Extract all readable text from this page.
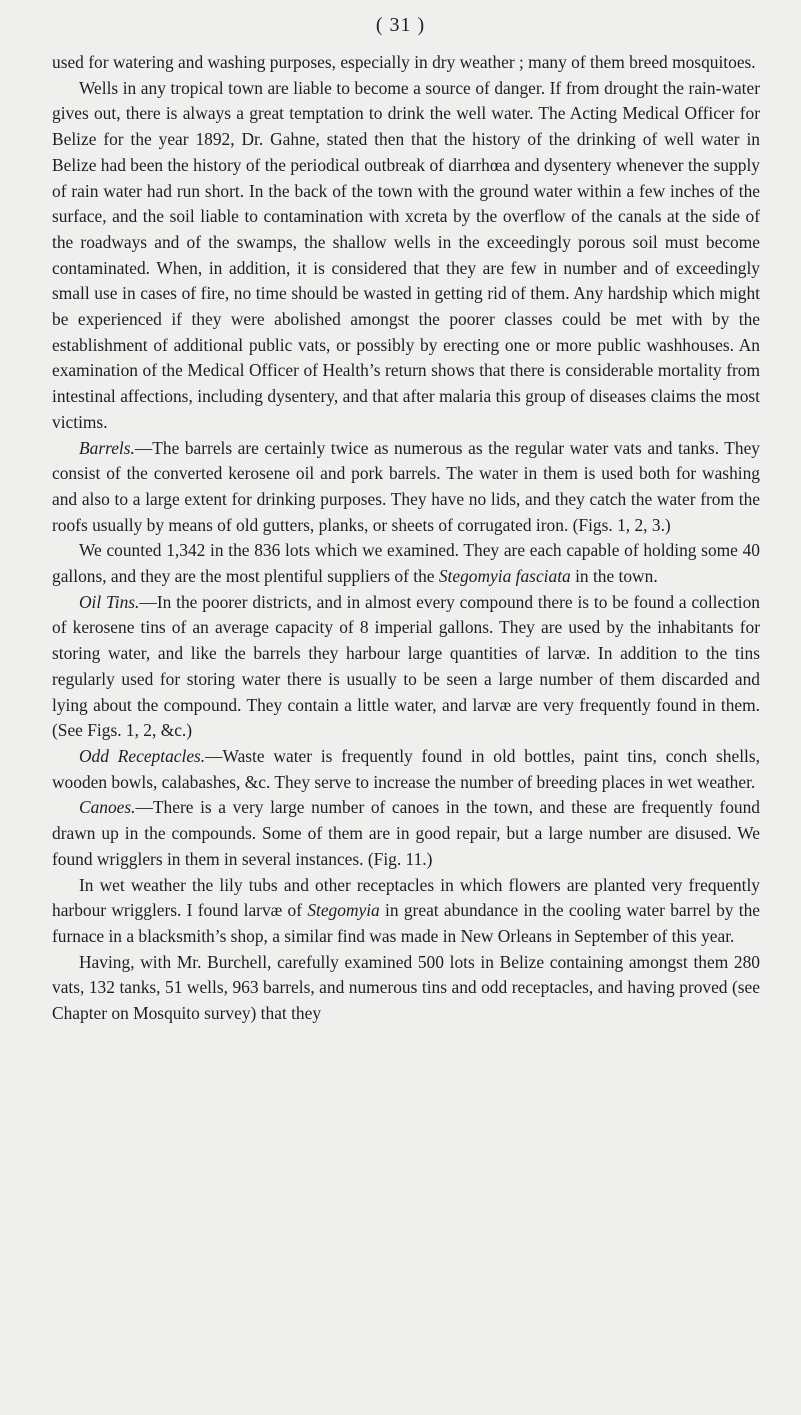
( 31 )

used for watering and washing purposes, especially in dry weather ; many of them breed mosquitoes.

Wells in any tropical town are liable to become a source of danger. If from drought the rain-water gives out, there is always a great temptation to drink the well water. The Acting Medical Officer for Belize for the year 1892, Dr. Gahne, stated then that the history of the drinking of well water in Belize had been the history of the periodical outbreak of diarrhœa and dysentery whenever the supply of rain water had run short. In the back of the town with the ground water within a few inches of the surface, and the soil liable to contamination with xcreta by the overflow of the canals at the side of the roadways and of the swamps, the shallow wells in the exceedingly porous soil must become contaminated. When, in addition, it is considered that they are few in number and of exceedingly small use in cases of fire, no time should be wasted in getting rid of them. Any hardship which might be experienced if they were abolished amongst the poorer classes could be met with by the establishment of additional public vats, or possibly by erecting one or more public washhouses. An examination of the Medical Officer of Health’s return shows that there is considerable mortality from intestinal affections, including dysentery, and that after malaria this group of diseases claims the most victims.

Barrels.—The barrels are certainly twice as numerous as the regular water vats and tanks. They consist of the converted kerosene oil and pork barrels. The water in them is used both for washing and also to a large extent for drinking purposes. They have no lids, and they catch the water from the roofs usually by means of old gutters, planks, or sheets of corrugated iron. (Figs. 1, 2, 3.)

We counted 1,342 in the 836 lots which we examined. They are each capable of holding some 40 gallons, and they are the most plentiful suppliers of the Stegomyia fasciata in the town.

Oil Tins.—In the poorer districts, and in almost every compound there is to be found a collection of kerosene tins of an average capacity of 8 imperial gallons. They are used by the inhabitants for storing water, and like the barrels they harbour large quantities of larvæ. In addition to the tins regularly used for storing water there is usually to be seen a large number of them discarded and lying about the compound. They contain a little water, and larvæ are very frequently found in them. (See Figs. 1, 2, &c.)

Odd Receptacles.—Waste water is frequently found in old bottles, paint tins, conch shells, wooden bowls, calabashes, &c. They serve to increase the number of breeding places in wet weather.

Canoes.—There is a very large number of canoes in the town, and these are frequently found drawn up in the compounds. Some of them are in good repair, but a large number are disused. We found wrigglers in them in several instances. (Fig. 11.)

In wet weather the lily tubs and other receptacles in which flowers are planted very frequently harbour wrigglers. I found larvæ of Stegomyia in great abundance in the cooling water barrel by the furnace in a blacksmith’s shop, a similar find was made in New Orleans in September of this year.

Having, with Mr. Burchell, carefully examined 500 lots in Belize containing amongst them 280 vats, 132 tanks, 51 wells, 963 barrels, and numerous tins and odd receptacles, and having proved (see Chapter on Mosquito survey) that they
